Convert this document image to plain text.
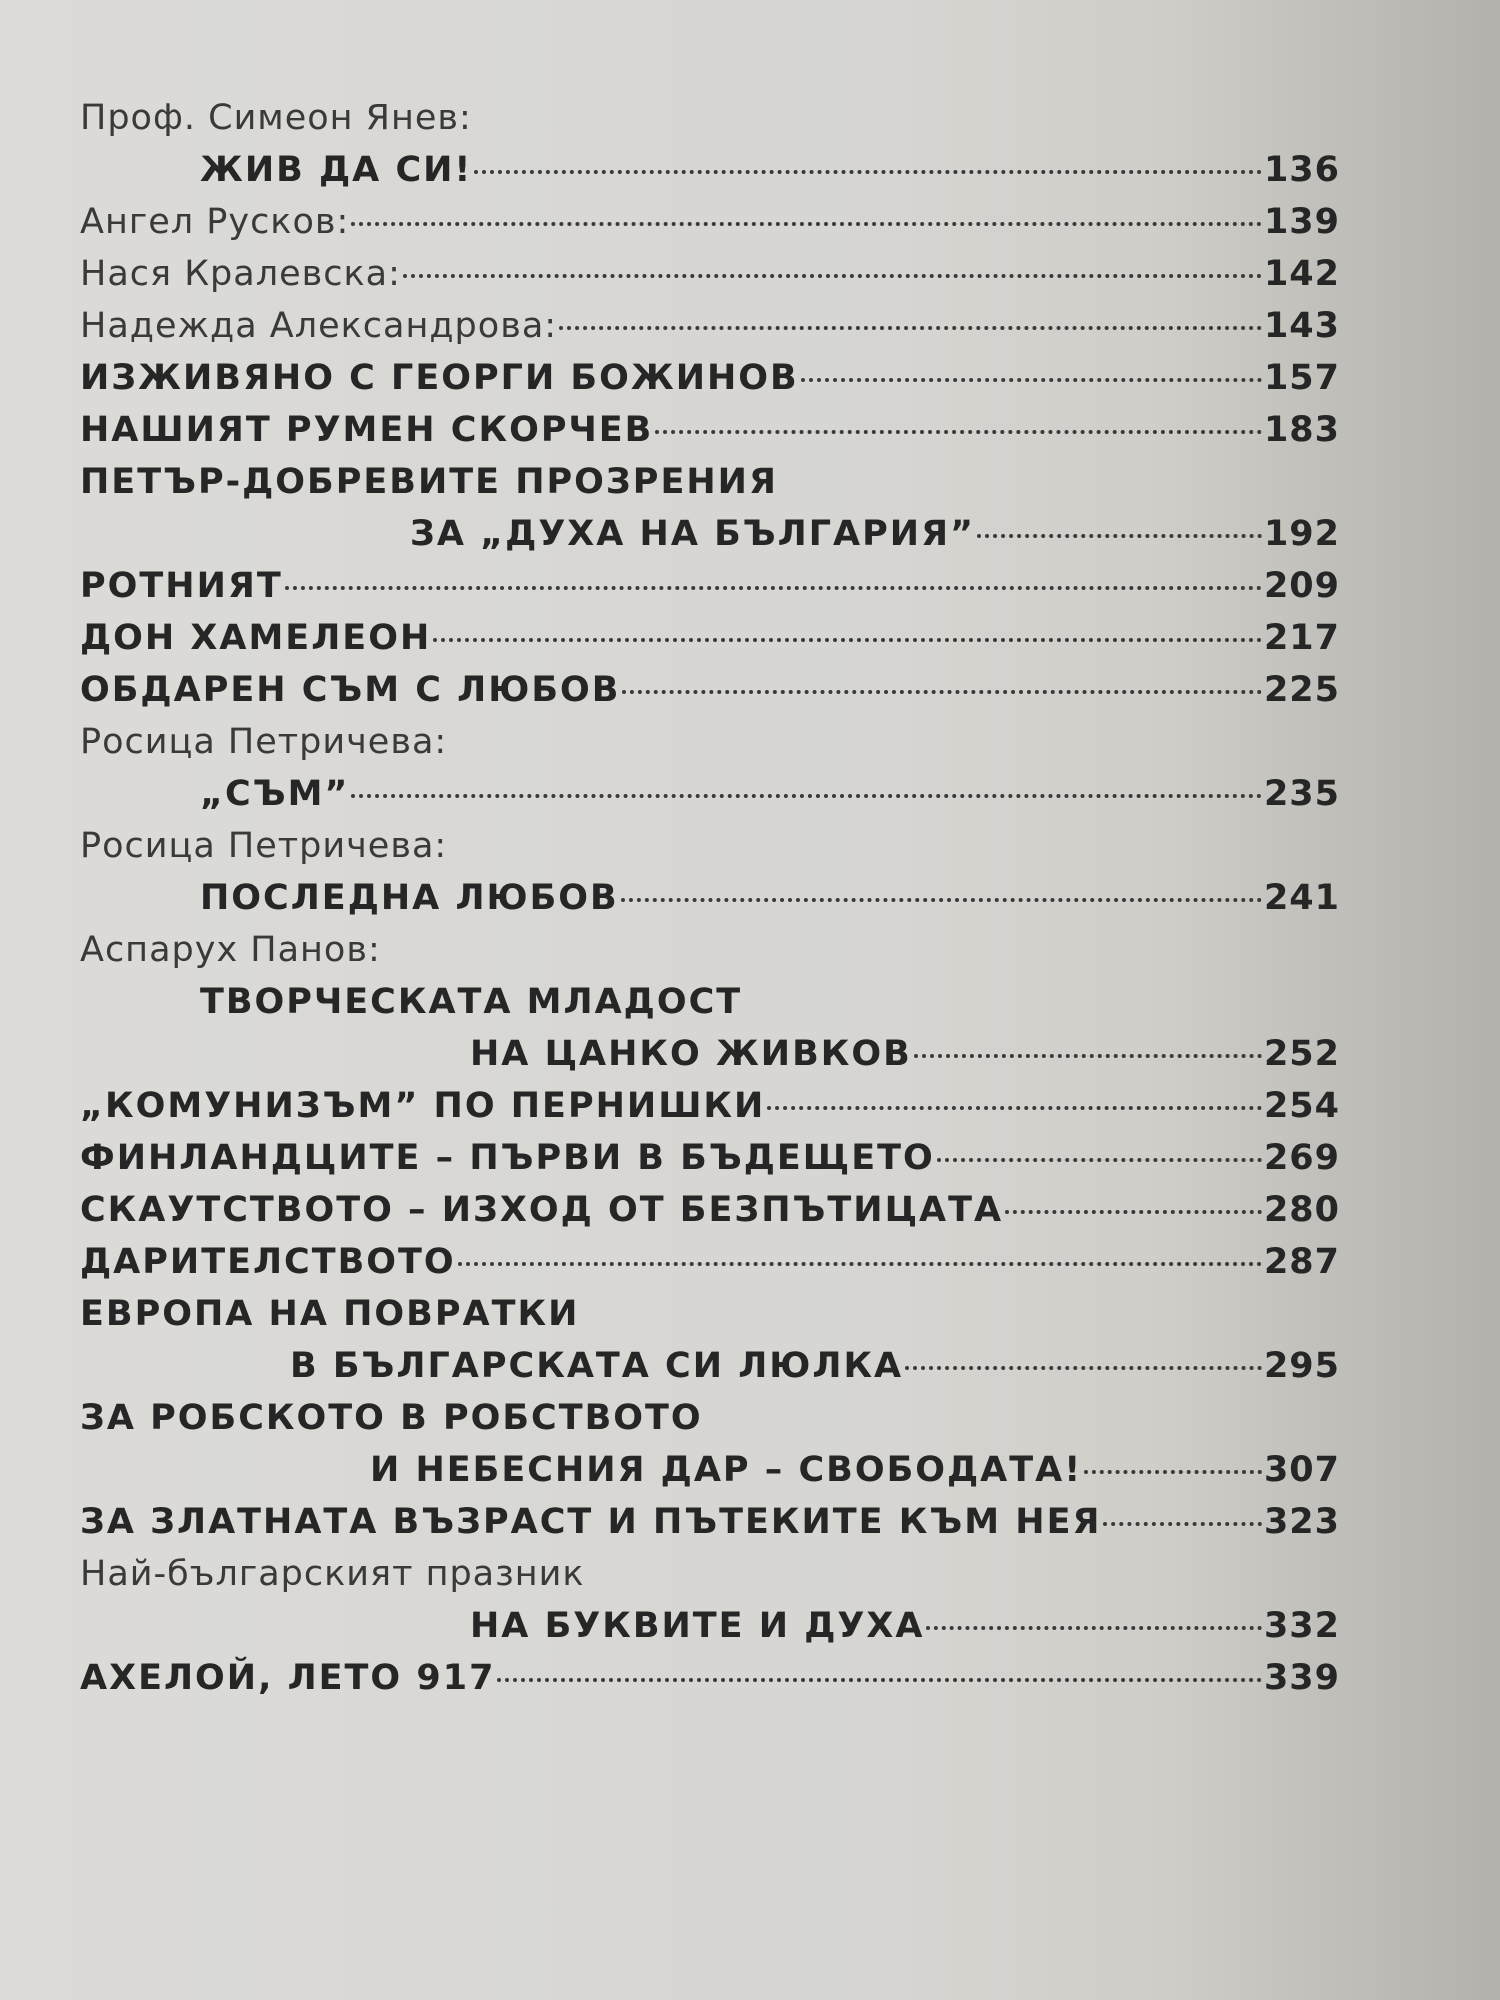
Проф. Симеон Янев:
ЖИВ ДА СИ!	136
Ангел Русков:	139
Нася Кралевска:	142
Надежда Александрова:	143
ИЗЖИВЯНО С ГЕОРГИ БОЖИНОВ	157
НАШИЯТ РУМЕН СКОРЧЕВ	183
ПЕТЪР-ДОБРЕВИТЕ ПРОЗРЕНИЯ
ЗА „ДУХА НА БЪЛГАРИЯ”	192
РОТНИЯТ	209
ДОН ХАМЕЛЕОН	217
ОБДАРЕН СЪМ С ЛЮБОВ	225
Росица Петричева:
„СЪМ”	235
Росица Петричева:
ПОСЛЕДНА ЛЮБОВ	241
Аспарух Панов:
ТВОРЧЕСКАТА МЛАДОСТ
НА ЦАНКО ЖИВКОВ	252
„КОМУНИЗЪМ” ПО ПЕРНИШКИ	254
ФИНЛАНДЦИТЕ – ПЪРВИ В БЪДЕЩЕТО	269
СКАУТСТВОТО – ИЗХОД ОТ БЕЗПЪТИЦАТА	280
ДАРИТЕЛСТВОТО	287
ЕВРОПА НА ПОВРАТКИ
В БЪЛГАРСКАТА СИ ЛЮЛКА	295
ЗА РОБСКОТО В РОБСТВОТО
И НЕБЕСНИЯ ДАР – СВОБОДАТА!	307
ЗА ЗЛАТНАТА ВЪЗРАСТ И ПЪТЕКИТЕ КЪМ НЕЯ	323
Най-българският празник
НА БУКВИТЕ И ДУХА	332
АХЕЛОЙ, ЛЕТО 917	339
